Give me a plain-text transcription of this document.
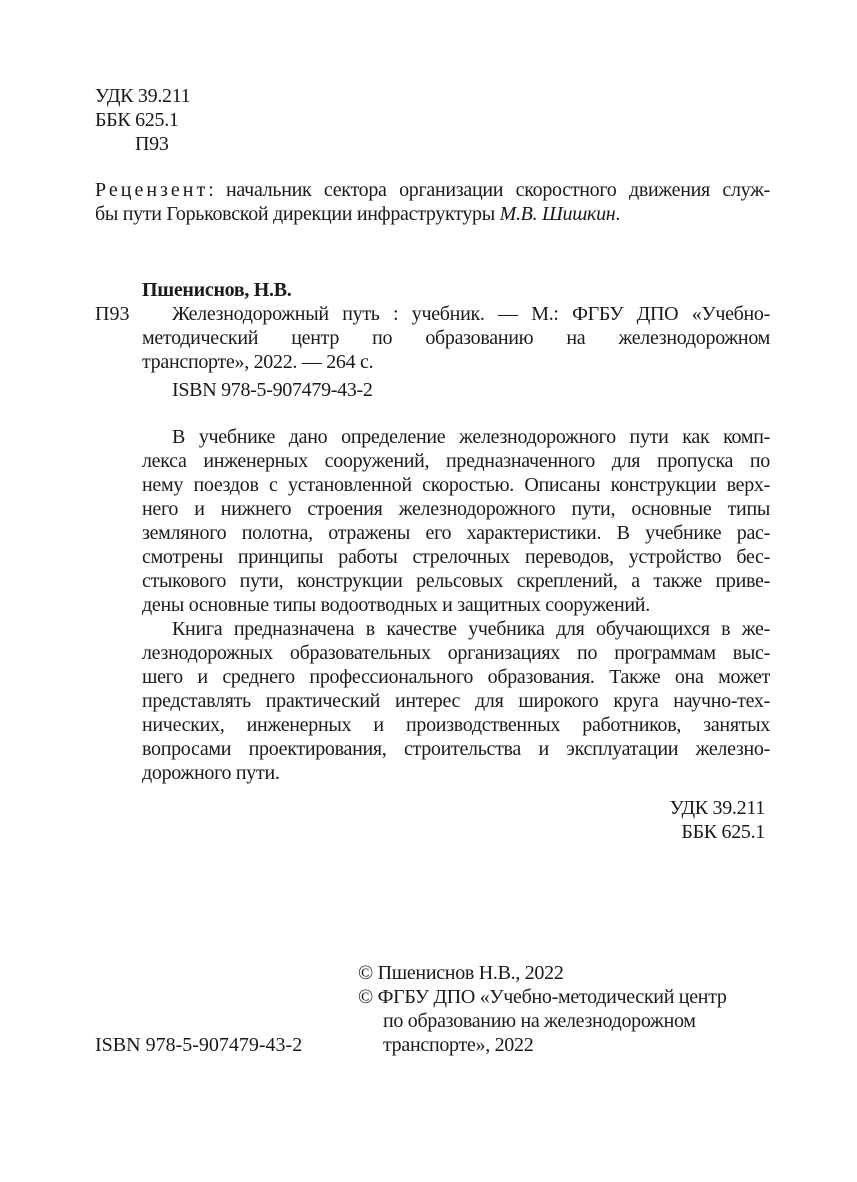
УДК 39.211
ББК 625.1
П93
Рецензент: начальник сектора организации скоростного движения служ-
бы пути Горьковской дирекции инфраструктуры М.В. Шишкин.
Пшениснов, Н.В.
П93	Железнодорожный путь : учебник. — М.: ФГБУ ДПО «Учебно-
методический центр по образованию на железнодорожном
транспорте», 2022. — 264 с.
ISBN 978-5-907479-43-2
В учебнике дано определение железнодорожного пути как комп-
лекса инженерных сооружений, предназначенного для пропуска по
нему поездов с установленной скоростью. Описаны конструкции верх-
него и нижнего строения железнодорожного пути, основные типы
земляного полотна, отражены его характеристики. В учебнике рас-
смотрены принципы работы стрелочных переводов, устройство бес-
стыкового пути, конструкции рельсовых скреплений, а также приве-
дены основные типы водоотводных и защитных сооружений.
Книга предназначена в качестве учебника для обучающихся в же-
лезнодорожных образовательных организациях по программам выс-
шего и среднего профессионального образования. Также она может
представлять практический интерес для широкого круга научно-тех-
нических, инженерных и производственных работников, занятых
вопросами проектирования, строительства и эксплуатации железно-
дорожного пути.
УДК 39.211
ББК 625.1
© Пшениснов Н.В., 2022
© ФГБУ ДПО «Учебно-методический центр
по образованию на железнодорожном
транспорте», 2022
ISBN 978-5-907479-43-2
